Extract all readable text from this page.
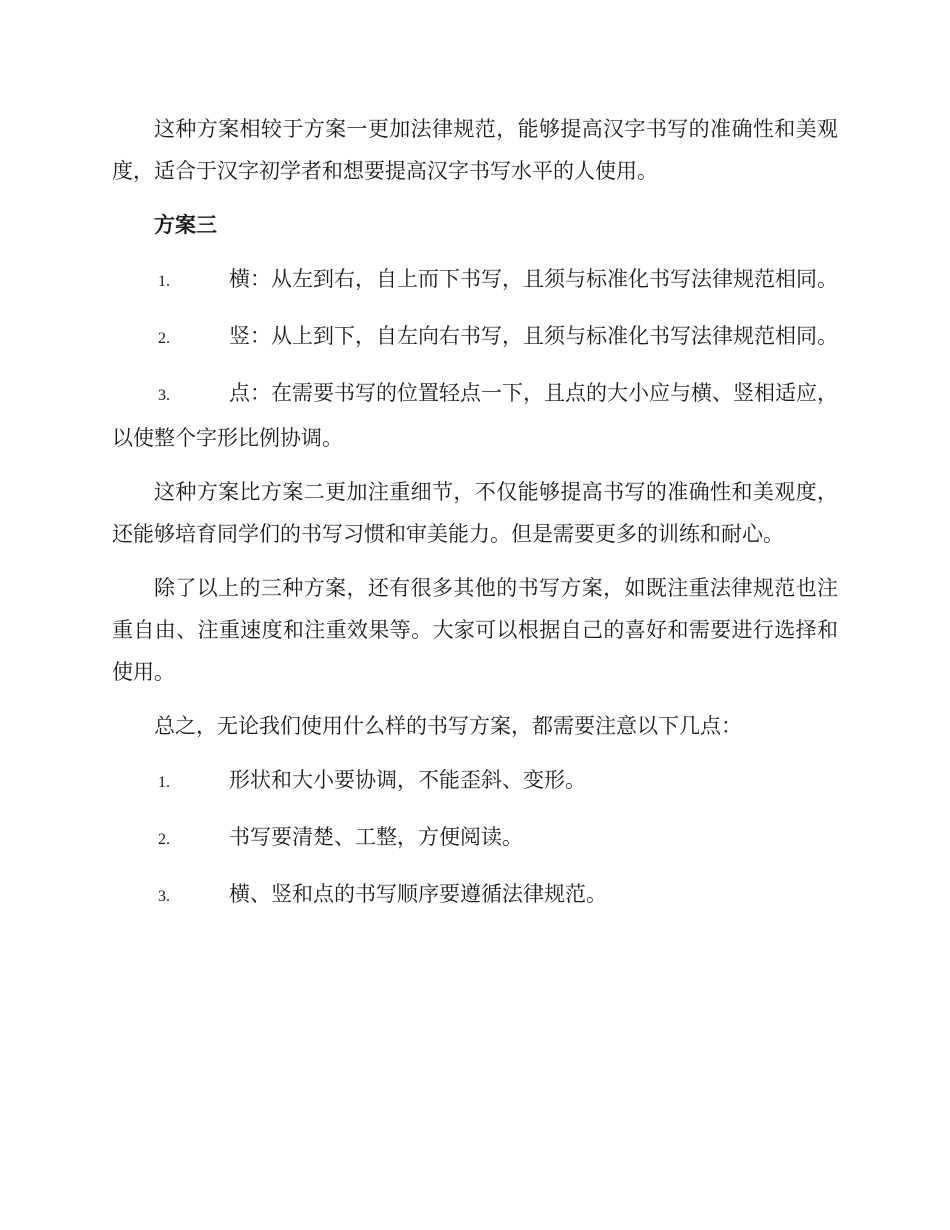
这种方案相较于方案一更加法律规范，能够提高汉字书写的准确性和美观度，适合于汉字初学者和想要提高汉字书写水平的人使用。

方案三

1.	横：从左到右，自上而下书写，且须与标准化书写法律规范相同。

2.	竖：从上到下，自左向右书写，且须与标准化书写法律规范相同。

3.	点：在需要书写的位置轻点一下，且点的大小应与横、竖相适应，以使整个字形比例协调。

这种方案比方案二更加注重细节，不仅能够提高书写的准确性和美观度，还能够培育同学们的书写习惯和审美能力。但是需要更多的训练和耐心。

除了以上的三种方案，还有很多其他的书写方案，如既注重法律规范也注重自由、注重速度和注重效果等。大家可以根据自己的喜好和需要进行选择和使用。

总之，无论我们使用什么样的书写方案，都需要注意以下几点：

1.	形状和大小要协调，不能歪斜、变形。

2.	书写要清楚、工整，方便阅读。

3.	横、竖和点的书写顺序要遵循法律规范。
